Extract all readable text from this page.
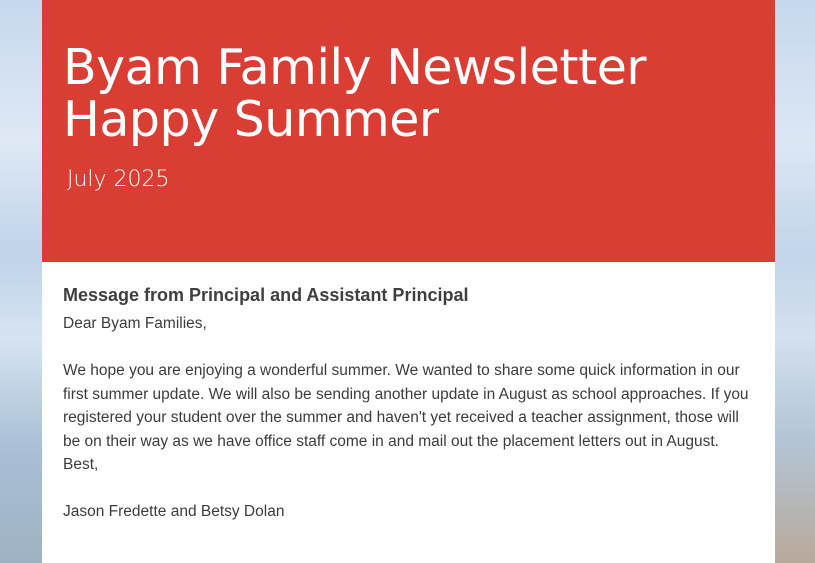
Byam Family Newsletter
Happy Summer
July 2025
Message from Principal and Assistant Principal

Dear Byam Families,

We hope you are enjoying a wonderful summer. We wanted to share some quick information in our first summer update. We will also be sending another update in August as school approaches. If you registered your student over the summer and haven't yet received a teacher assignment, those will be on their way as we have office staff come in and mail out the placement letters out in August.

Best,

Jason Fredette and Betsy Dolan
